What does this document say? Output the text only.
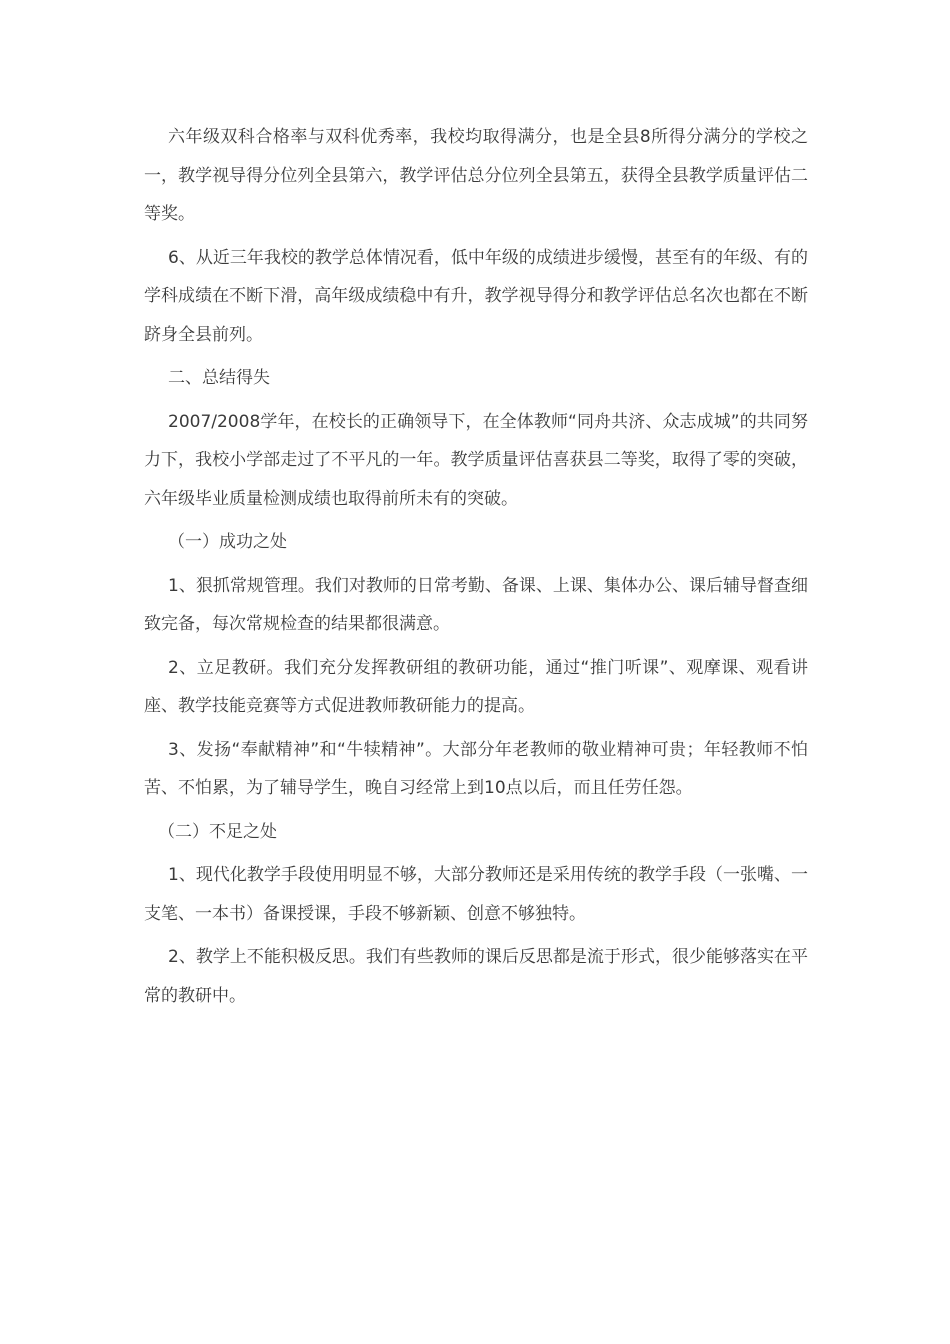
六年级双科合格率与双科优秀率，我校均取得满分，也是全县8所得分满分的学校之一，教学视导得分位列全县第六，教学评估总分位列全县第五，获得全县教学质量评估二等奖。

6、从近三年我校的教学总体情况看，低中年级的成绩进步缓慢，甚至有的年级、有的学科成绩在不断下滑，高年级成绩稳中有升，教学视导得分和教学评估总名次也都在不断跻身全县前列。

二、总结得失

2007/2008学年，在校长的正确领导下，在全体教师“同舟共济、众志成城”的共同努力下，我校小学部走过了不平凡的一年。教学质量评估喜获县二等奖，取得了零的突破，六年级毕业质量检测成绩也取得前所未有的突破。

（一）成功之处

1、狠抓常规管理。我们对教师的日常考勤、备课、上课、集体办公、课后辅导督查细致完备，每次常规检查的结果都很满意。

2、立足教研。我们充分发挥教研组的教研功能，通过“推门听课”、观摩课、观看讲座、教学技能竞赛等方式促进教师教研能力的提高。

3、发扬“奉献精神”和“牛犊精神”。大部分年老教师的敬业精神可贵；年轻教师不怕苦、不怕累，为了辅导学生，晚自习经常上到10点以后，而且任劳任怨。

（二）不足之处

1、现代化教学手段使用明显不够，大部分教师还是采用传统的教学手段（一张嘴、一支笔、一本书）备课授课，手段不够新颖、创意不够独特。

2、教学上不能积极反思。我们有些教师的课后反思都是流于形式，很少能够落实在平常的教研中。
